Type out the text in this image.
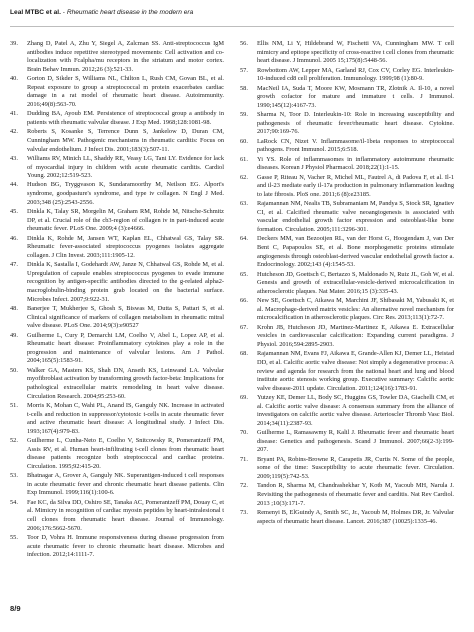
Leal MTBC et al. - Rheumatic heart disease in the modern era
39.	Zhang D, Patel A, Zhu Y, Siegel A, Zalcman SS. Anti-streptococcus IgM antibodies induce repetitive stereotyped movements: Cell activation and co-localization with Fcalpha/mu receptors in the striatum and motor cortex. Brain Behav Immun. 2012;26 (3):521-33.
40.	Gorton D, Sikder S, Williams NL, Chilton L, Rush CM, Govan BL, et al. Repeat exposure to group a streptococcal m protein exacerbates cardiac damage in a rat model of rheumatic heart disease. Autoimmunity. 2016;49(8):563-70.
41.	Dudding BA, Ayoub EM. Persistence of streptococcal group a antibody in patients with rheumatic valvular disease. J Exp Med. 1968;128:1081-98.
42.	Roberts S, Kosanke S, Terrence Dunn S, Jankelow D, Duran CM, Cunningham MW. Pathogenic mechanisms in rheumatic carditis: Focus on valvular endothelium. J Infect Dis. 2001;183(3):507-11.
43.	Williams RV, Minich LL, Shaddy RE, Veasy LG, Tani LY. Evidence for lack of myocardial injury in children with acute rheumatic carditis. Cardiol Young. 2002;12:519-523.
44.	Hudson BG, Tryggvason K, Sundaramoorthy M, Neilson EG. Alport's syndrome, goodpasture's syndrome, and type iv collagen. N Engl J Med. 2003;348 (25):2543-2556.
45.	Dinkla K, Talay SR, Morgelin M, Graham RM, Rohde M, Nitsche-Schmitz DP, et al. Crucial role of the cb3-region of collagen iv in pari-induced acute rheumatic fever. PLoS One. 2009;4 (3):e4666.
46.	Dinkla K, Rohde M, Jansen WT, Kaplan EL, Chhatwal GS, Talay SR. Rheumatic fever-associated streptococcus pyogenes isolates aggregate collagen. J Clin Invest. 2003;111:1905-12.
47.	Dinkla K, Sastalla I, Godehardt AW, Janze N, Chhatwal GS, Rohde M, et al. Upregulation of capsule enables streptococcus pyogenes to evade immune recognition by antigen-specific antibodies directed to the g-related alpha2-macroglobulin-binding protein grab located on the bacterial surface. Microbes Infect. 2007;9:922-31.
48.	Banerjee T, Mukherjee S, Ghosh S, Biswas M, Dutta S, Pattari S, et al. Clinical significance of markers of collagen metabolism in rheumatic mitral valve disease. PLoS One. 2014;9(3):e90527
49.	Guilherme L, Cury P, Demarchi LM, Coelho V, Abel L, Lopez AP, et al. Rheumatic heart disease: Proinflammatory cytokines play a role in the progression and maintenance of valvular lesions. Am J Pathol. 2004;165(5):1583-91.
50.	Walker GA, Masters KS, Shah DN, Anseth KS, Leinwand LA. Valvular myofibroblast activation by transforming growth factor-beta: Implications for pathological extracellular matrix remodeling in heart valve disease. Circulation Research. 2004;95:253-60.
51.	Morris K, Mohan C, Wahi PL, Anand IS, Ganguly NK. Increase in activated t-cells and reduction in suppressor/cytotoxic t-cells in acute rheumatic fever and active rheumatic heart disease: A longitudinal study. J Infect Dis. 1993;167(4):979-83.
52.	Guilherme L, Cunha-Neto E, Coelho V, Snitcowsky R, Pomerantzeff PM, Assis RV, et al. Human heart-infiltrating t-cell clones from rheumatic heart disease patients recognize both streptococcal and cardiac proteins. Circulation. 1995;92:415-20.
53.	Bhatnagar A, Grover A, Ganguly NK. Superantigen-induced t cell responses in acute rheumatic fever and chronic rheumatic heart disease patients. Clin Exp Immunol. 1999;116(1):100-6.
54.	Fae KC, da Silva DD, Oshiro SE, Tanaka AC, Pomerantzeff PM, Douay C, et al. Mimicry in recognition of cardiac myosin peptides by heart-intralesional t cell clones from rheumatic heart disease. Journal of Immunology. 2006;176:5662-5670.
55.	Toor D, Vohra H. Immune responsiveness during disease progression from acute rheumatic fever to chronic rheumatic heart disease. Microbes and infection. 2012;14:1111-7.
56.	Ellis NM, Li Y, Hildebrand W, Fischetti VA, Cunningham MW. T cell mimicry and epitope specificity of cross-reactive t cell clones from rheumatic heart disease. J Immunol. 2005 15;175(8):5448-56.
57.	Rowbottom AW, Lepper MA, Garland RJ, Cox CV, Corley EG. Interleukin-10-induced cd8 cell proliferation. Immunology. 1999;98 (1):80-9.
58.	MacNeil IA, Suda T, Moore KW, Mosmann TR, Zlotnik A. Il-10, a novel growth cofactor for mature and immature t cells. J Immunol. 1990;145(12):4167-73.
59.	Sharma N, Toor D. Interleukin-10: Role in increasing susceptibility and pathogenesis of rheumatic fever/rheumatic heart disease. Cytokine. 2017;90:169-76.
60.	LaRock CN, Nizet V. Inflammasome/il-1beta responses to streptococcal pathogens. Front Immunol. 2015;6:518.
61.	Yi YS. Role of inflammasomes in inflammatory autoimmune rheumatic diseases. Korean J Physiol Pharmacol. 2018;22(1):1-15.
62.	Gasse P, Riteau N, Vacher R, Michel ML, Fautrel A, di Padova F, et al. Il-1 and il-23 mediate early il-17a production in pulmonary inflammation leading to late fibrosis. PloS one. 2011;6 (8):e23185.
63.	Rajamannan NM, Nealis TB, Subramaniam M, Pandya S, Stock SR, Ignatiev CI, et al. Calcified rheumatic valve neoangiogenesis is associated with vascular endothelial growth factor expression and osteoblast-like bone formation. Circulation. 2005;111:3296-301.
64.	Deckers MM, van Bezooijen RL, van der Horst G, Hoogendam J, van Der Bent C, Papapoulos SE, et al. Bone morphogenetic proteins stimulate angiogenesis through osteoblast-derived vascular endothelial growth factor a. Endocrinology. 2002;143 (4):1545-53.
65.	Hutcheson JD, Goettsch C, Bertazzo S, Maldonado N, Ruiz JL, Goh W, et al. Genesis and growth of extracellular-vesicle-derived microcalcification in atherosclerotic plaques. Nat Mater. 2016;15 (3):335-43.
66.	New SE, Goettsch C, Aikawa M, Marchini JF, Shibasaki M, Yabusaki K, et al. Macrophage-derived matrix vesicles: An alternative novel mechanism for microcalcification in atherosclerotic plaques. Circ Res. 2013;113(1):72-7.
67.	Krohn JB, Hutcheson JD, Martinez-Martinez E, Aikawa E. Extracellular vesicles in cardiovascular calcification: Expanding current paradigms. J Physiol. 2016;594:2895-2903.
68.	Rajamannan NM, Evans FJ, Aikawa E, Grande-Allen KJ, Demer LL, Heistad DD, et al. Calcific aortic valve disease: Not simply a degenerative process: A review and agenda for research from the national heart and lung and blood institute aortic stenosis working group. Executive summary: Calcific aortic valve disease-2011 update. Circulation. 2011;124(16):1783-91.
69.	Yutzey KE, Demer LL, Body SC, Huggins GS, Towler DA, Giachelli CM, et al. Calcific aortic valve disease: A consensus summary from the alliance of investigators on calcific aortic valve disease. Arterioscler Thromb Vasc Biol. 2014;34(11):2387-93.
70.	Guilherme L, Ramasawmy R, Kalil J. Rheumatic fever and rheumatic heart disease: Genetics and pathogenesis. Scand J Immunol. 2007;66(2-3):199-207.
71.	Bryant PA, Robins-Browne R, Carapetis JR, Curtis N. Some of the people, some of the time: Susceptibility to acute rheumatic fever. Circulation. 2009;119(5):742-53.
72.	Tandon R, Sharma M, Chandrashekhar Y, Kotb M, Yacoub MH, Narula J. Revisiting the pathogenesis of rheumatic fever and carditis. Nat Rev Cardiol. 2013 ;10(3):171-7.
73.	Remenyi B, ElGuindy A, Smith SC, Jr., Yacoub M, Holmes DR, Jr. Valvular aspects of rheumatic heart disease. Lancet. 2016;387 (10025):1335-46.
8/9
